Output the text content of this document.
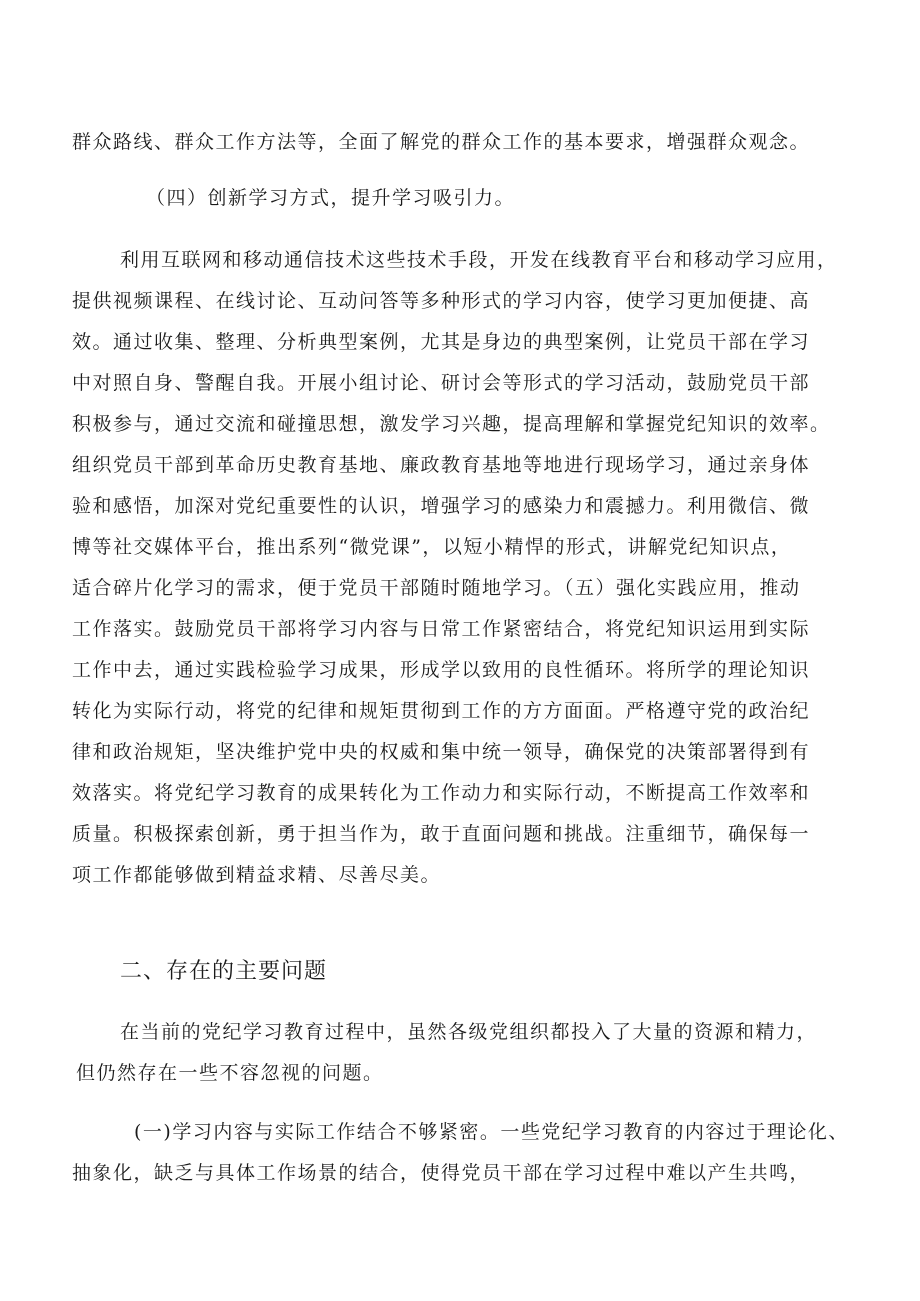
群众路线、群众工作方法等，全面了解党的群众工作的基本要求，增强群众观念。
（四）创新学习方式，提升学习吸引力。
利用互联网和移动通信技术这些技术手段，开发在线教育平台和移动学习应用，
提供视频课程、在线讨论、互动问答等多种形式的学习内容，使学习更加便捷、高
效。通过收集、整理、分析典型案例，尤其是身边的典型案例，让党员干部在学习
中对照自身、警醒自我。开展小组讨论、研讨会等形式的学习活动，鼓励党员干部
积极参与，通过交流和碰撞思想，激发学习兴趣，提高理解和掌握党纪知识的效率。
组织党员干部到革命历史教育基地、廉政教育基地等地进行现场学习，通过亲身体
验和感悟，加深对党纪重要性的认识，增强学习的感染力和震撼力。利用微信、微
博等社交媒体平台，推出系列“微党课”，以短小精悍的形式，讲解党纪知识点，
适合碎片化学习的需求，便于党员干部随时随地学习。（五）强化实践应用，推动
工作落实。鼓励党员干部将学习内容与日常工作紧密结合，将党纪知识运用到实际
工作中去，通过实践检验学习成果，形成学以致用的良性循环。将所学的理论知识
转化为实际行动，将党的纪律和规矩贯彻到工作的方方面面。严格遵守党的政治纪
律和政治规矩，坚决维护党中央的权威和集中统一领导，确保党的决策部署得到有
效落实。将党纪学习教育的成果转化为工作动力和实际行动，不断提高工作效率和
质量。积极探索创新，勇于担当作为，敢于直面问题和挑战。注重细节，确保每一
项工作都能够做到精益求精、尽善尽美。
二、存在的主要问题
在当前的党纪学习教育过程中，虽然各级党组织都投入了大量的资源和精力，
但仍然存在一些不容忽视的问题。
(一)学习内容与实际工作结合不够紧密。一些党纪学习教育的内容过于理论化、
抽象化，缺乏与具体工作场景的结合，使得党员干部在学习过程中难以产生共鸣，
